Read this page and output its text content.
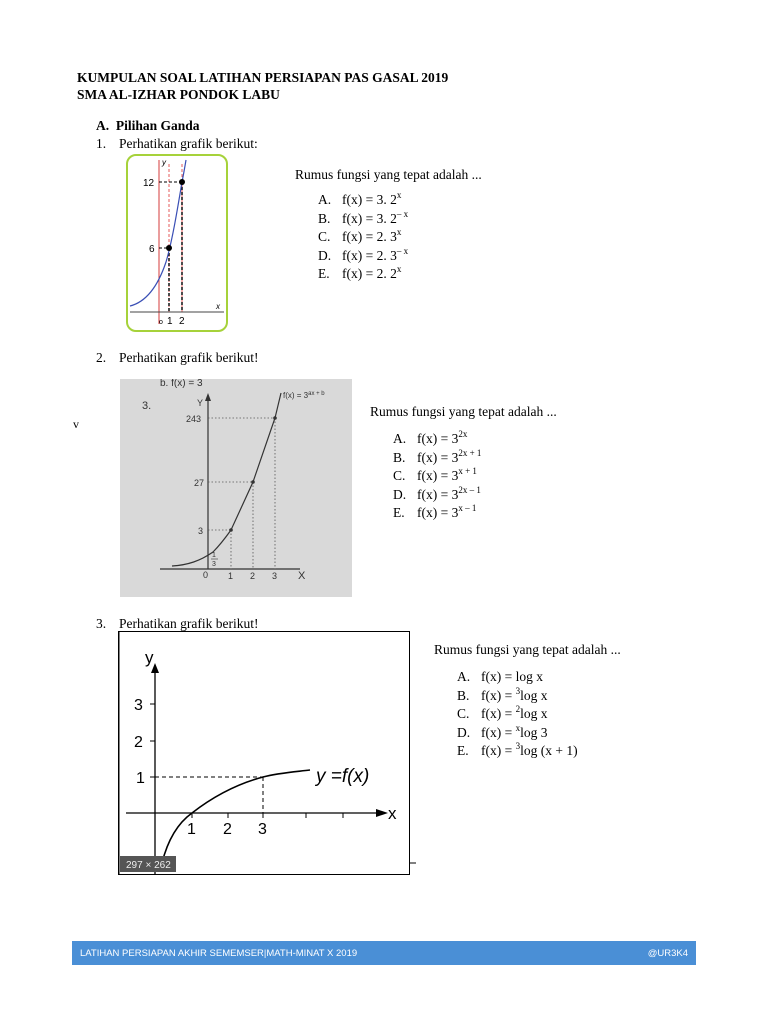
KUMPULAN SOAL LATIHAN PERSIAPAN PAS GASAL 2019
SMA AL-IZHAR PONDOK LABU
A. Pilihan Ganda
1. Perhatikan grafik berikut:
y
x
12
6
o 1 2
Rumus fungsi yang tepat adalah ...
A. f(x) = 3. 2$^x$
B. f(x) = 3. $2^{- x}$
C. f(x) = 2. 3$^x$
D. f(x) = 2. $3^{- x}$
E. f(x) = 2. 2$^x$
2. Perhatikan grafik berikut!
v
b. f(x) = 3
3.	Y
X
0
243
27
3
1
3
1 2 3
$f(x) = 3^{ax + b}$
Rumus fungsi yang tepat adalah ...
A. $f(x) = 3^{2x}$
B. $f(x) = 3^{2x + 1}$
C. $f(x) = 3^{x + 1}$
D. $f(x) = 3^{2x - 1}$
E. $f(x) = 3^{x - 1}$
3. Perhatikan grafik berikut!
y
x
3
2
1
1 2 3
y =f(x)
297 × 262
Rumus fungsi yang tepat adalah ...
A. f(x) = log x
B. f(x) = $^3$log x
C. f(x) = $^2$log x
D. f(x) = $^x$log 3
E. f(x) = $^3$log (x + 1)
LATIHAN PERSIAPAN AKHIR SEMEMSER|MATH-MINAT X 2019	@UR3K4
